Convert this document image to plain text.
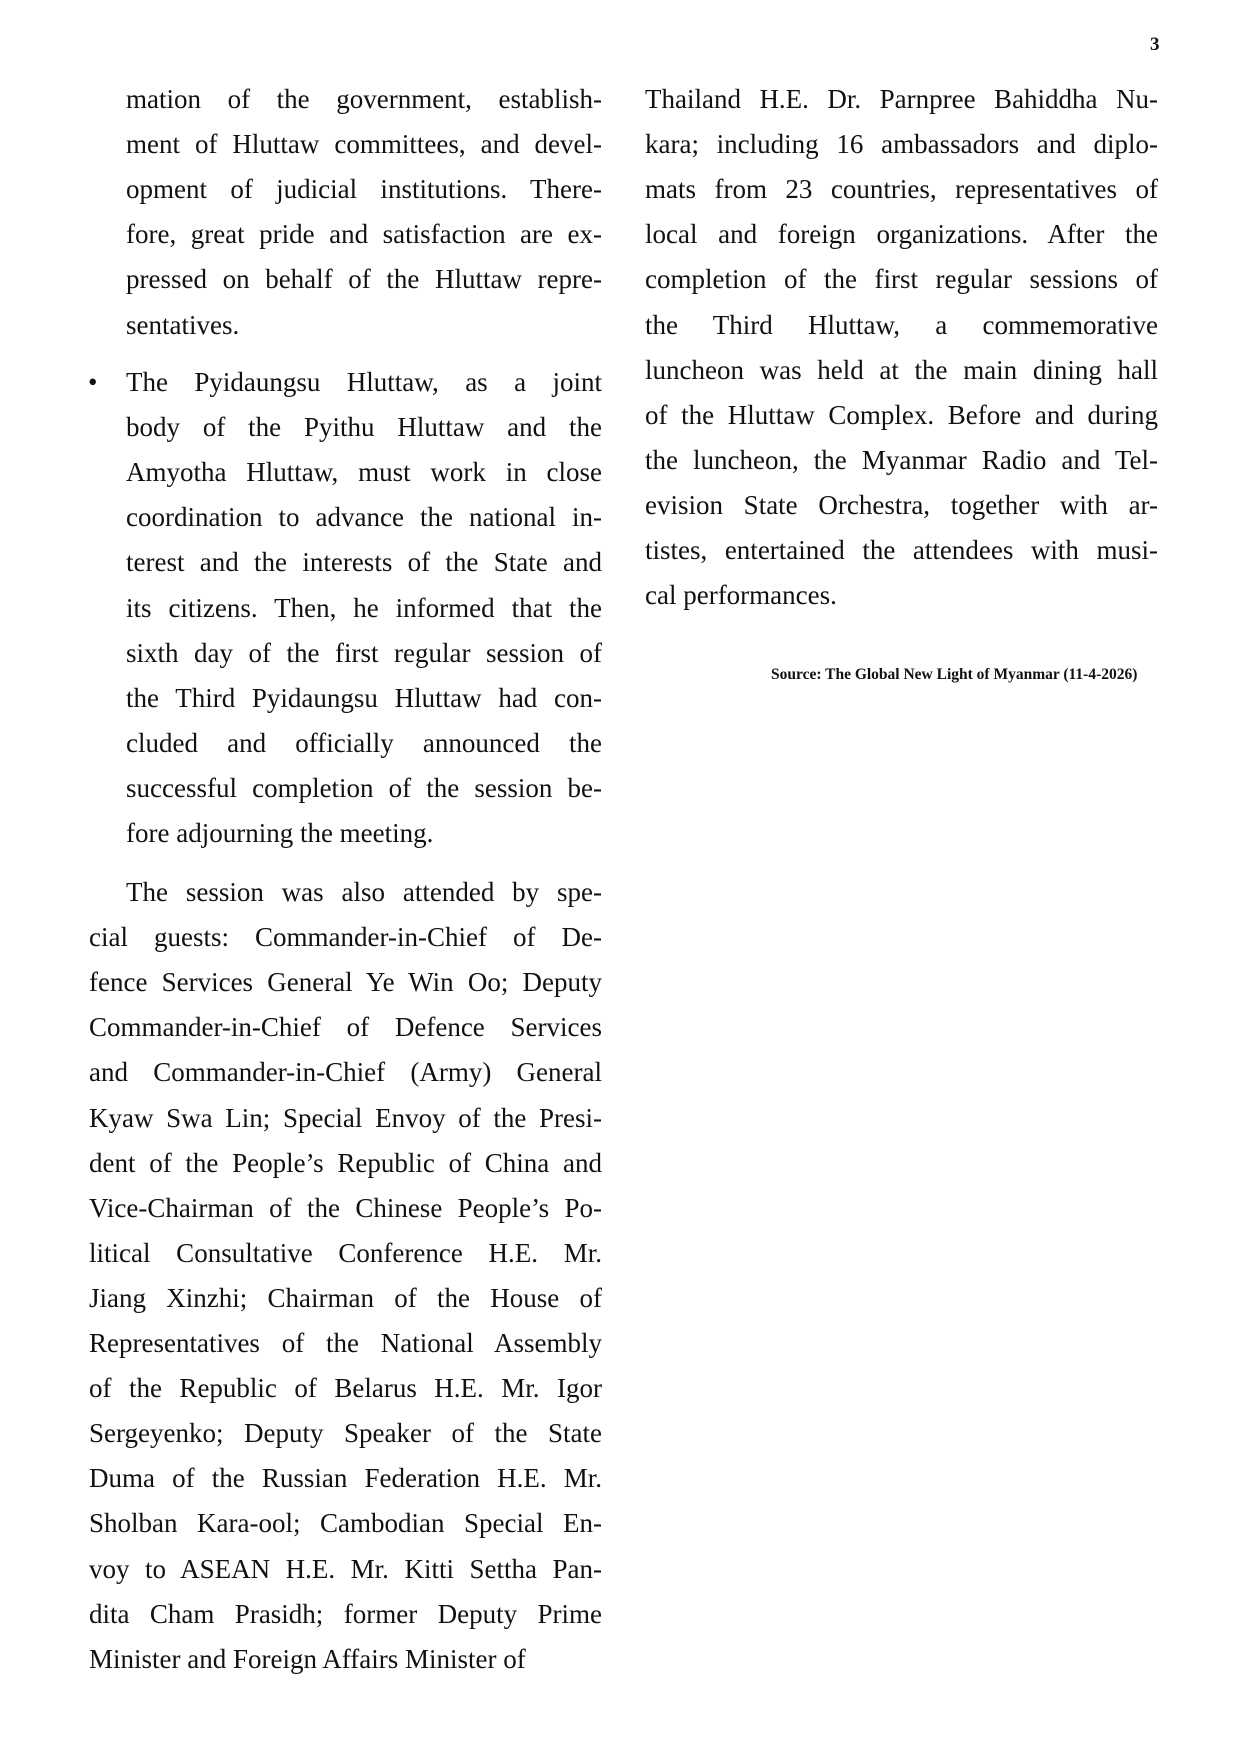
3
mation of the government, establish-
ment of Hluttaw committees, and devel-
opment of judicial institutions. There-
fore, great pride and satisfaction are ex-
pressed on behalf of the Hluttaw repre-
sentatives.
• The Pyidaungsu Hluttaw, as a joint
body of the Pyithu Hluttaw and the
Amyotha Hluttaw, must work in close
coordination to advance the national in-
terest and the interests of the State and
its citizens. Then, he informed that the
sixth day of the first regular session of
the Third Pyidaungsu Hluttaw had con-
cluded and officially announced the
successful completion of the session be-
fore adjourning the meeting.
The session was also attended by spe-
cial guests: Commander-in-Chief of De-
fence Services General Ye Win Oo; Deputy
Commander-in-Chief of Defence Services
and Commander-in-Chief (Army) General
Kyaw Swa Lin; Special Envoy of the Presi-
dent of the People’s Republic of China and
Vice-Chairman of the Chinese People’s Po-
litical Consultative Conference H.E. Mr.
Jiang Xinzhi; Chairman of the House of
Representatives of the National Assembly
of the Republic of Belarus H.E. Mr. Igor
Sergeyenko; Deputy Speaker of the State
Duma of the Russian Federation H.E. Mr.
Sholban Kara-ool; Cambodian Special En-
voy to ASEAN H.E. Mr. Kitti Settha Pan-
dita Cham Prasidh; former Deputy Prime
Minister and Foreign Affairs Minister of
Thailand H.E. Dr. Parnpree Bahiddha Nu-
kara; including 16 ambassadors and diplo-
mats from 23 countries, representatives of
local and foreign organizations. After the
completion of the first regular sessions of
the Third Hluttaw, a commemorative
luncheon was held at the main dining hall
of the Hluttaw Complex. Before and during
the luncheon, the Myanmar Radio and Tel-
evision State Orchestra, together with ar-
tistes, entertained the attendees with musi-
cal performances.
Source: The Global New Light of Myanmar (11-4-2026)
